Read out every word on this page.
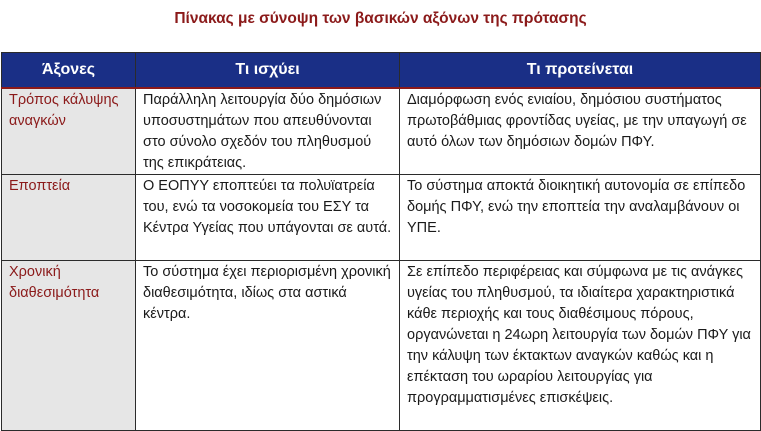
Πίνακας με σύνοψη των βασικών αξόνων της πρότασης
Άξονες	Τι ισχύει	Τι προτείνεται
Τρόπος κάλυψης αναγκών	Παράλληλη λειτουργία δύο δημόσιων υποσυστημάτων που απευθύνονται στο σύνολο σχεδόν του πληθυσμού της επικράτειας.	Διαμόρφωση ενός ενιαίου, δημόσιου συστήματος πρωτοβάθμιας φροντίδας υγείας, με την υπαγωγή σε αυτό όλων των δημόσιων δομών ΠΦΥ.
Εποπτεία	Ο ΕΟΠΥΥ εποπτεύει τα πολυϊατρεία του, ενώ τα νοσοκομεία του ΕΣΥ τα Κέντρα Υγείας που υπάγονται σε αυτά.	Το σύστημα αποκτά διοικητική αυτονομία σε επίπεδο δομής ΠΦΥ, ενώ την εποπτεία την αναλαμβάνουν οι ΥΠΕ.
Χρονική διαθεσιμότητα	Το σύστημα έχει περιορισμένη χρονική διαθεσιμότητα, ιδίως στα αστικά κέντρα.	Σε επίπεδο περιφέρειας και σύμφωνα με τις ανάγκες υγείας του πληθυσμού, τα ιδιαίτερα χαρακτηριστικά κάθε περιοχής και τους διαθέσιμους πόρους, οργανώνεται η 24ωρη λειτουργία των δομών ΠΦΥ για την κάλυψη των έκτακτων αναγκών καθώς και η επέκταση του ωραρίου λειτουργίας για προγραμματισμένες επισκέψεις.
